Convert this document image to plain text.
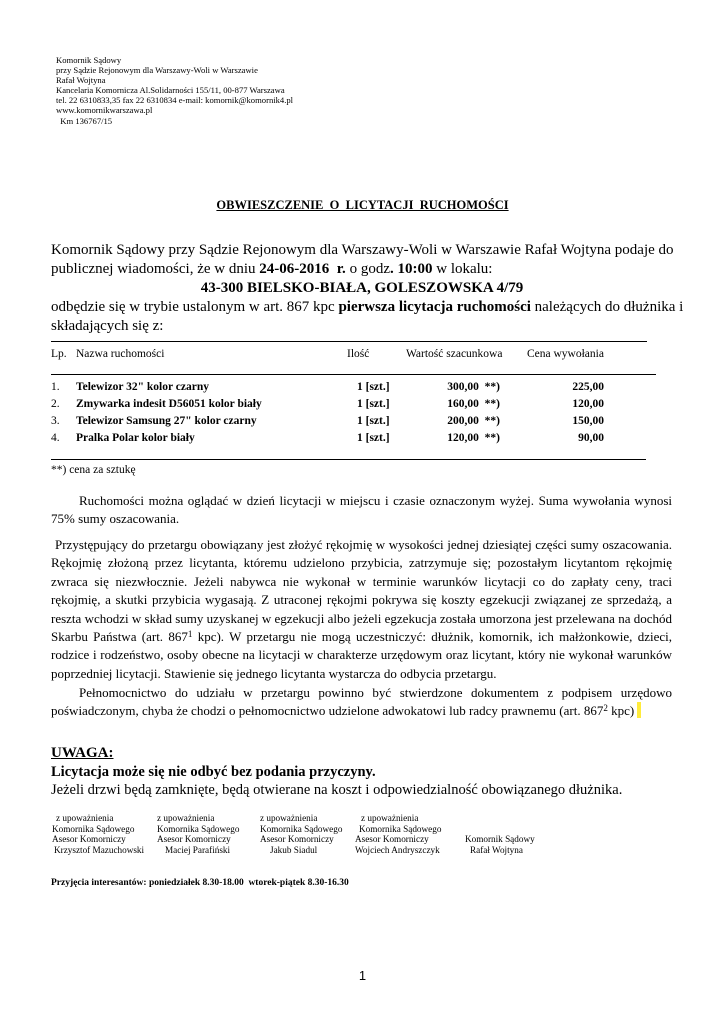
Komornik Sądowy
przy Sądzie Rejonowym dla Warszawy-Woli w Warszawie
Rafał Wojtyna
Kancelaria Komornicza Al.Solidarności 155/11, 00-877 Warszawa
tel. 22 6310833,35 fax 22 6310834 e-mail: komornik@komornik4.pl
www.komornikwarszawa.pl
Km 136767/15
OBWIESZCZENIE  O  LICYTACJI  RUCHOMOŚCI
Komornik Sądowy przy Sądzie Rejonowym dla Warszawy-Woli w Warszawie Rafał Wojtyna podaje do
publicznej wiadomości, że w dniu 24-06-2016  r. o godz. 10:00 w lokalu:
43-300 BIELSKO-BIAŁA, GOLESZOWSKA 4/79
odbędzie się w trybie ustalonym w art. 867 kpc pierwsza licytacja ruchomości należących do dłużnika i
składających się z:
Lp. Nazwa ruchomości	Ilość	Wartość szacunkowa Cena wywołania
1. Telewizor 32" kolor czarny	1 [szt.]	300,00  **)	225,00
2. Zmywarka indesit D56051 kolor biały	1 [szt.]	160,00  **)	120,00
3. Telewizor Samsung 27" kolor czarny	1 [szt.]	200,00  **)	150,00
4. Pralka Polar kolor biały	1 [szt.]	120,00  **)	90,00
**) cena za sztukę
Ruchomości można oglądać w dzień licytacji w miejscu i czasie oznaczonym wyżej. Suma wywołania wynosi 75% sumy oszacowania.
Przystępujący do przetargu obowiązany jest złożyć rękojmię w wysokości jednej dziesiątej części sumy oszacowania. Rękojmię złożoną przez licytanta, któremu udzielono przybicia, zatrzymuje się; pozostałym licytantom rękojmię zwraca się niezwłocznie. Jeżeli nabywca nie wykonał w terminie warunków licytacji co do zapłaty ceny, traci rękojmię, a skutki przybicia wygasają. Z utraconej rękojmi pokrywa się koszty egzekucji związanej ze sprzedażą, a reszta wchodzi w skład sumy uzyskanej w egzekucji albo jeżeli egzekucja została umorzona jest przelewana na dochód Skarbu Państwa (art. $867^1$ kpc). W przetargu nie mogą uczestniczyć: dłużnik, komornik, ich małżonkowie, dzieci, rodzice i rodzeństwo, osoby obecne na licytacji w charakterze urzędowym oraz licytant, który nie wykonał warunków poprzedniej licytacji. Stawienie się jednego licytanta wystarcza do odbycia przetargu.
Pełnomocnictwo do udziału w przetargu powinno być stwierdzone dokumentem z podpisem urzędowo poświadczonym, chyba że chodzi o pełnomocnictwo udzielone adwokatowi lub radcy prawnemu (art. $867^2$ kpc)
UWAGA:
Licytacja może się nie odbyć bez podania przyczyny.
Jeżeli drzwi będą zamknięte, będą otwierane na koszt i odpowiedzialność obowiązanego dłużnika.
z upoważnienia
Komornika Sądowego
Asesor Komorniczy
Krzysztof Mazuchowski
z upoważnienia
Komornika Sądowego
Asesor Komorniczy
Maciej Parafiński
z upoważnienia
Komornika Sądowego
Asesor Komorniczy
Jakub Siadul
z upoważnienia
Komornika Sądowego
Asesor Komorniczy
Wojciech Andryszczyk
Komornik Sądowy
Rafał Wojtyna
Przyjęcia interesantów: poniedziałek 8.30-18.00  wtorek-piątek 8.30-16.30
1
